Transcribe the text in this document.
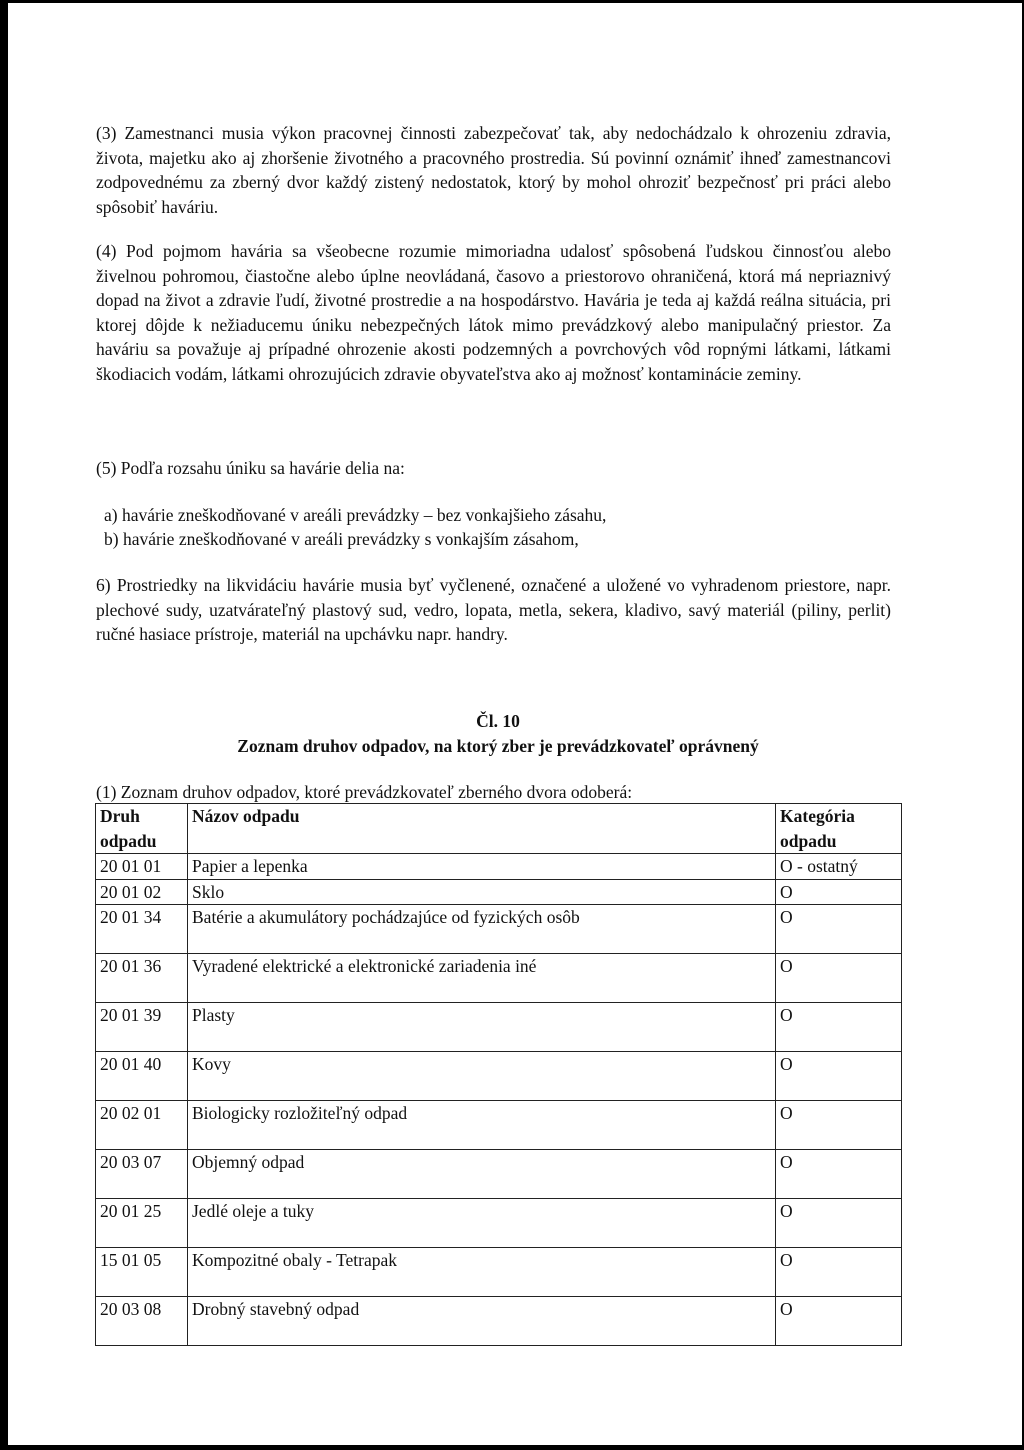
(3) Zamestnanci musia výkon pracovnej činnosti zabezpečovať tak, aby nedochádzalo k ohrozeniu zdravia, života, majetku ako aj zhoršenie životného a pracovného prostredia. Sú povinní oznámiť ihneď zamestnancovi zodpovednému za zberný dvor každý zistený nedostatok, ktorý by mohol ohroziť bezpečnosť pri práci alebo spôsobiť haváriu.

(4) Pod pojmom havária sa všeobecne rozumie mimoriadna udalosť spôsobená ľudskou činnosťou alebo živelnou pohromou, čiastočne alebo úplne neovládaná, časovo a priestorovo ohraničená, ktorá má nepriaznivý dopad na život a zdravie ľudí, životné prostredie a na hospodárstvo. Havária je teda aj každá reálna situácia, pri ktorej dôjde k nežiaducemu úniku nebezpečných látok mimo prevádzkový alebo manipulačný priestor. Za haváriu sa považuje aj prípadné ohrozenie akosti podzemných a povrchových vôd ropnými látkami, látkami škodiacich vodám, látkami ohrozujúcich zdravie obyvateľstva ako aj možnosť kontaminácie zeminy.

(5) Podľa rozsahu úniku sa havárie delia na:

a) havárie zneškodňované v areáli prevádzky – bez vonkajšieho zásahu,

b) havárie zneškodňované v areáli prevádzky s vonkajším zásahom,

6) Prostriedky na likvidáciu havárie musia byť vyčlenené, označené a uložené vo vyhradenom priestore, napr. plechové sudy, uzatvárateľný plastový sud, vedro, lopata, metla, sekera, kladivo, savý materiál (piliny, perlit) ručné hasiace prístroje, materiál na upchávku napr. handry.

Čl. 10

Zoznam druhov odpadov, na ktorý zber je prevádzkovateľ oprávnený

(1) Zoznam druhov odpadov, ktoré prevádzkovateľ zberného dvora odoberá:

Druh odpadu	Názov odpadu	Kategória odpadu
20 01 01	Papier a lepenka	O - ostatný
20 01 02	Sklo	O
20 01 34	Batérie a akumulátory pochádzajúce od fyzických osôb	O
20 01 36	Vyradené elektrické a elektronické zariadenia iné	O
20 01 39	Plasty	O
20 01 40	Kovy	O
20 02 01	Biologicky rozložiteľný odpad	O
20 03 07	Objemný odpad	O
20 01 25	Jedlé oleje a tuky	O
15 01 05	Kompozitné obaly - Tetrapak	O
20 03 08	Drobný stavebný odpad	O
